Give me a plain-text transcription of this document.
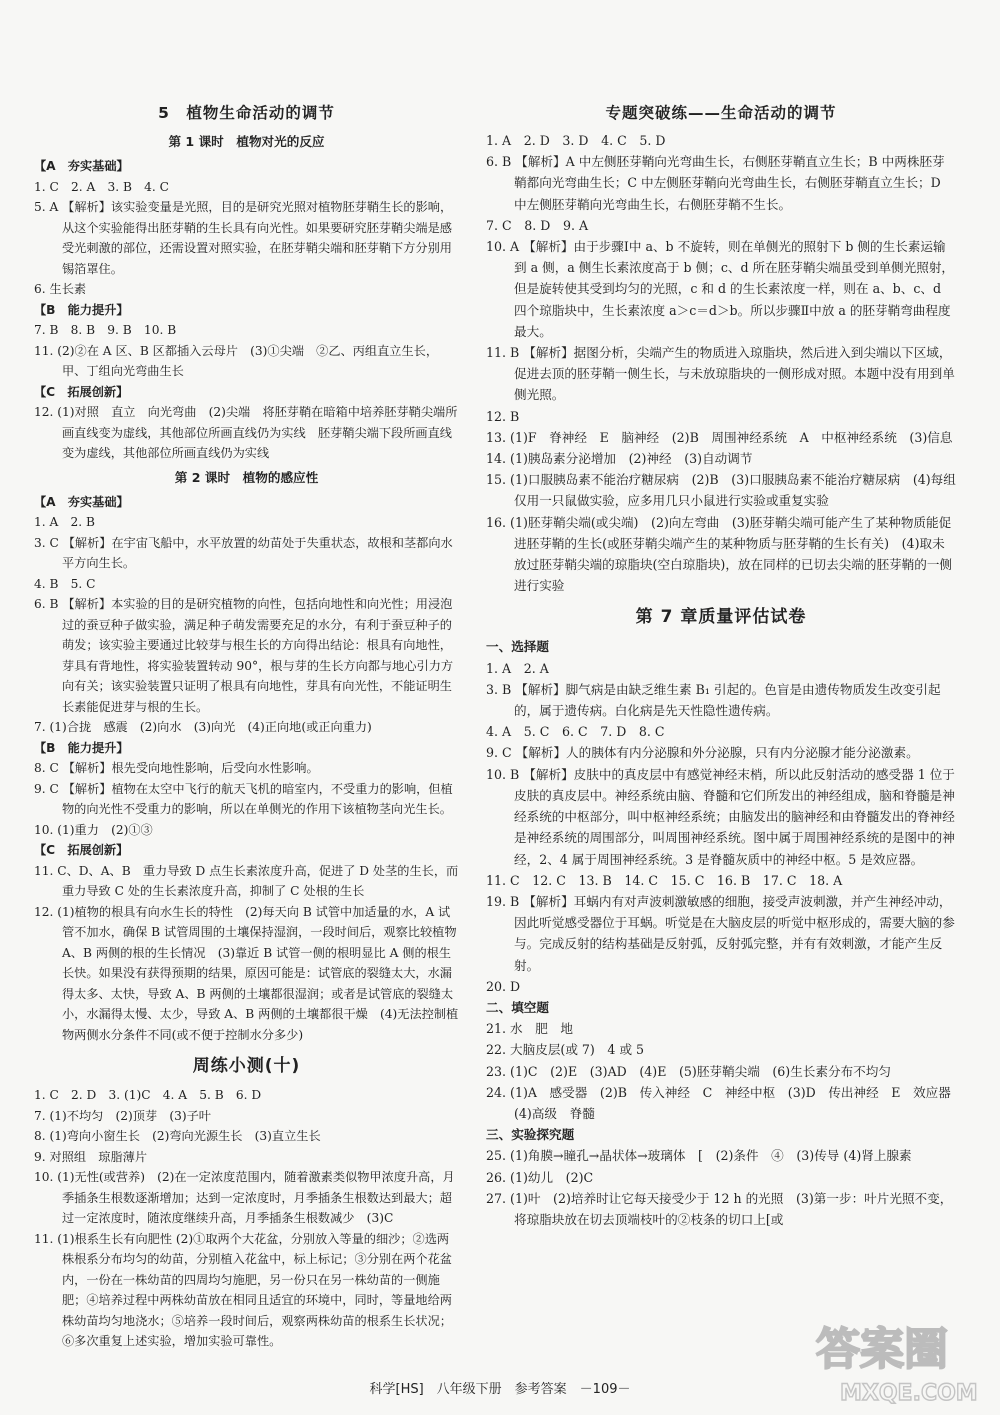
5　植物生命活动的调节
第 1 课时　植物对光的反应
【A　夯实基础】
1. C　2. A　3. B　4. C
5. A 【解析】该实验变量是光照，目的是研究光照对植物胚芽鞘生长的影响，从这个实验能得出胚芽鞘的生长具有向光性。如果要研究胚芽鞘尖端是感受光刺激的部位，还需设置对照实验，在胚芽鞘尖端和胚芽鞘下方分别用锡箔罩住。
6. 生长素
【B　能力提升】
7. B　8. B　9. B　10. B
11. (2)②在 A 区、B 区都插入云母片　(3)①尖端　②乙、丙组直立生长，甲、丁组向光弯曲生长
【C　拓展创新】
12. (1)对照　直立　向光弯曲　(2)尖端　将胚芽鞘在暗箱中培养胚芽鞘尖端所画直线变为虚线，其他部位所画直线仍为实线　胚芽鞘尖端下段所画直线变为虚线，其他部位所画直线仍为实线
第 2 课时　植物的感应性
【A　夯实基础】
1. A　2. B
3. C 【解析】在宇宙飞船中，水平放置的幼苗处于失重状态，故根和茎都向水平方向生长。
4. B　5. C
6. B 【解析】本实验的目的是研究植物的向性，包括向地性和向光性；用浸泡过的蚕豆种子做实验，满足种子萌发需要充足的水分，有利于蚕豆种子的萌发；该实验主要通过比较芽与根生长的方向得出结论：根具有向地性，芽具有背地性，将实验装置转动 90°，根与芽的生长方向都与地心引力方向有关；该实验装置只证明了根具有向地性，芽具有向光性，不能证明生长素能促进芽与根的生长。
7. (1)合拢　感震　(2)向水　(3)向光　(4)正向地(或正向重力)
【B　能力提升】
8. C 【解析】根先受向地性影响，后受向水性影响。
9. C 【解析】植物在太空中飞行的航天飞机的暗室内，不受重力的影响，但植物的向光性不受重力的影响，所以在单侧光的作用下该植物茎向光生长。
10. (1)重力　(2)①③
【C　拓展创新】
11. C、D、A、B　重力导致 D 点生长素浓度升高，促进了 D 处茎的生长，而重力导致 C 处的生长素浓度升高，抑制了 C 处根的生长
12. (1)植物的根具有向水生长的特性　(2)每天向 B 试管中加适量的水，A 试管不加水，确保 B 试管周围的土壤保持湿润，一段时间后，观察比较植物 A、B 两侧的根的生长情况　(3)靠近 B 试管一侧的根明显比 A 侧的根生长快。如果没有获得预期的结果，原因可能是：试管底的裂缝太大，水漏得太多、太快，导致 A、B 两侧的土壤都很湿润；或者是试管底的裂缝太小，水漏得太慢、太少，导致 A、B 两侧的土壤都很干燥　(4)无法控制植物两侧水分条件不同(或不便于控制水分多少)
周练小测(十)
1. C　2. D　3. (1)C　4. A　5. B　6. D
7. (1)不均匀　(2)顶芽　(3)子叶
8. (1)弯向小窗生长　(2)弯向光源生长　(3)直立生长
9. 对照组　琼脂薄片
10. (1)无性(或营养)　(2)在一定浓度范围内，随着激素类似物甲浓度升高，月季插条生根数逐渐增加；达到一定浓度时，月季插条生根数达到最大；超过一定浓度时，随浓度继续升高，月季插条生根数减少　(3)C
11. (1)根系生长有向肥性 (2)①取两个大花盆，分别放入等量的细沙；②选两株根系分布均匀的幼苗，分别植入花盆中，标上标记；③分别在两个花盆内，一份在一株幼苗的四周均匀施肥，另一份只在另一株幼苗的一侧施肥；④培养过程中两株幼苗放在相同且适宜的环境中，同时，等量地给两株幼苗均匀地浇水；⑤培养一段时间后，观察两株幼苗的根系生长状况；⑥多次重复上述实验，增加实验可靠性。
专题突破练——生命活动的调节
1. A　2. D　3. D　4. C　5. D
6. B 【解析】A 中左侧胚芽鞘向光弯曲生长，右侧胚芽鞘直立生长；B 中两株胚芽鞘都向光弯曲生长；C 中左侧胚芽鞘向光弯曲生长，右侧胚芽鞘直立生长；D 中左侧胚芽鞘向光弯曲生长，右侧胚芽鞘不生长。
7. C　8. D　9. A
10. A 【解析】由于步骤Ⅰ中 a、b 不旋转，则在单侧光的照射下 b 侧的生长素运输到 a 侧，a 侧生长素浓度高于 b 侧；c、d 所在胚芽鞘尖端虽受到单侧光照射，但是旋转使其受到均匀的光照，c 和 d 的生长素浓度一样，则在 a、b、c、d 四个琼脂块中，生长素浓度 a＞c＝d＞b。所以步骤Ⅱ中放 a 的胚芽鞘弯曲程度最大。
11. B 【解析】据图分析，尖端产生的物质进入琼脂块，然后进入到尖端以下区域，促进去顶的胚芽鞘一侧生长，与未放琼脂块的一侧形成对照。本题中没有用到单侧光照。
12. B
13. (1)F　脊神经　E　脑神经　(2)B　周围神经系统　A　中枢神经系统　(3)信息
14. (1)胰岛素分泌增加　(2)神经　(3)自动调节
15. (1)口服胰岛素不能治疗糖尿病　(2)B　(3)口服胰岛素不能治疗糖尿病　(4)每组仅用一只鼠做实验，应多用几只小鼠进行实验或重复实验
16. (1)胚芽鞘尖端(或尖端)　(2)向左弯曲　(3)胚芽鞘尖端可能产生了某种物质能促进胚芽鞘的生长(或胚芽鞘尖端产生的某种物质与胚芽鞘的生长有关)　(4)取未放过胚芽鞘尖端的琼脂块(空白琼脂块)，放在同样的已切去尖端的胚芽鞘的一侧进行实验
第 7 章质量评估试卷
一、选择题
1. A　2. A
3. B 【解析】脚气病是由缺乏维生素 B₁ 引起的。色盲是由遗传物质发生改变引起的，属于遗传病。白化病是先天性隐性遗传病。
4. A　5. C　6. C　7. D　8. C
9. C 【解析】人的胰体有内分泌腺和外分泌腺，只有内分泌腺才能分泌激素。
10. B 【解析】皮肤中的真皮层中有感觉神经末梢，所以此反射活动的感受器 1 位于皮肤的真皮层中。神经系统由脑、脊髓和它们所发出的神经组成，脑和脊髓是神经系统的中枢部分，叫中枢神经系统；由脑发出的脑神经和由脊髓发出的脊神经是神经系统的周围部分，叫周围神经系统。图中属于周围神经系统的是图中的神经，2、4 属于周围神经系统。3 是脊髓灰质中的神经中枢。5 是效应器。
11. C　12. C　13. B　14. C　15. C　16. B　17. C　18. A
19. B 【解析】耳蜗内有对声波刺激敏感的细胞，接受声波刺激，并产生神经冲动，因此听觉感受器位于耳蜗。听觉是在大脑皮层的听觉中枢形成的，需要大脑的参与。完成反射的结构基础是反射弧，反射弧完整，并有有效刺激，才能产生反射。
20. D
二、填空题
21. 水　肥　地
22. 大脑皮层(或 7)　4 或 5
23. (1)C　(2)E　(3)AD　(4)E　(5)胚芽鞘尖端　(6)生长素分布不均匀
24. (1)A　感受器　(2)B　传入神经　C　神经中枢　(3)D　传出神经　E　效应器　(4)高级　脊髓
三、实验探究题
25. (1)角膜→瞳孔→晶状体→玻璃体　[　(2)条件　④　(3)传导 (4)肾上腺素
26. (1)幼儿　(2)C
27. (1)叶　(2)培养时让它每天接受少于 12 h 的光照　(3)第一步：叶片光照不变，将琼脂块放在切去顶端枝叶的②枝条的切口上[或
科学[HS]　八年级下册　参考答案　－109－
答案圈
MXQE.COM
